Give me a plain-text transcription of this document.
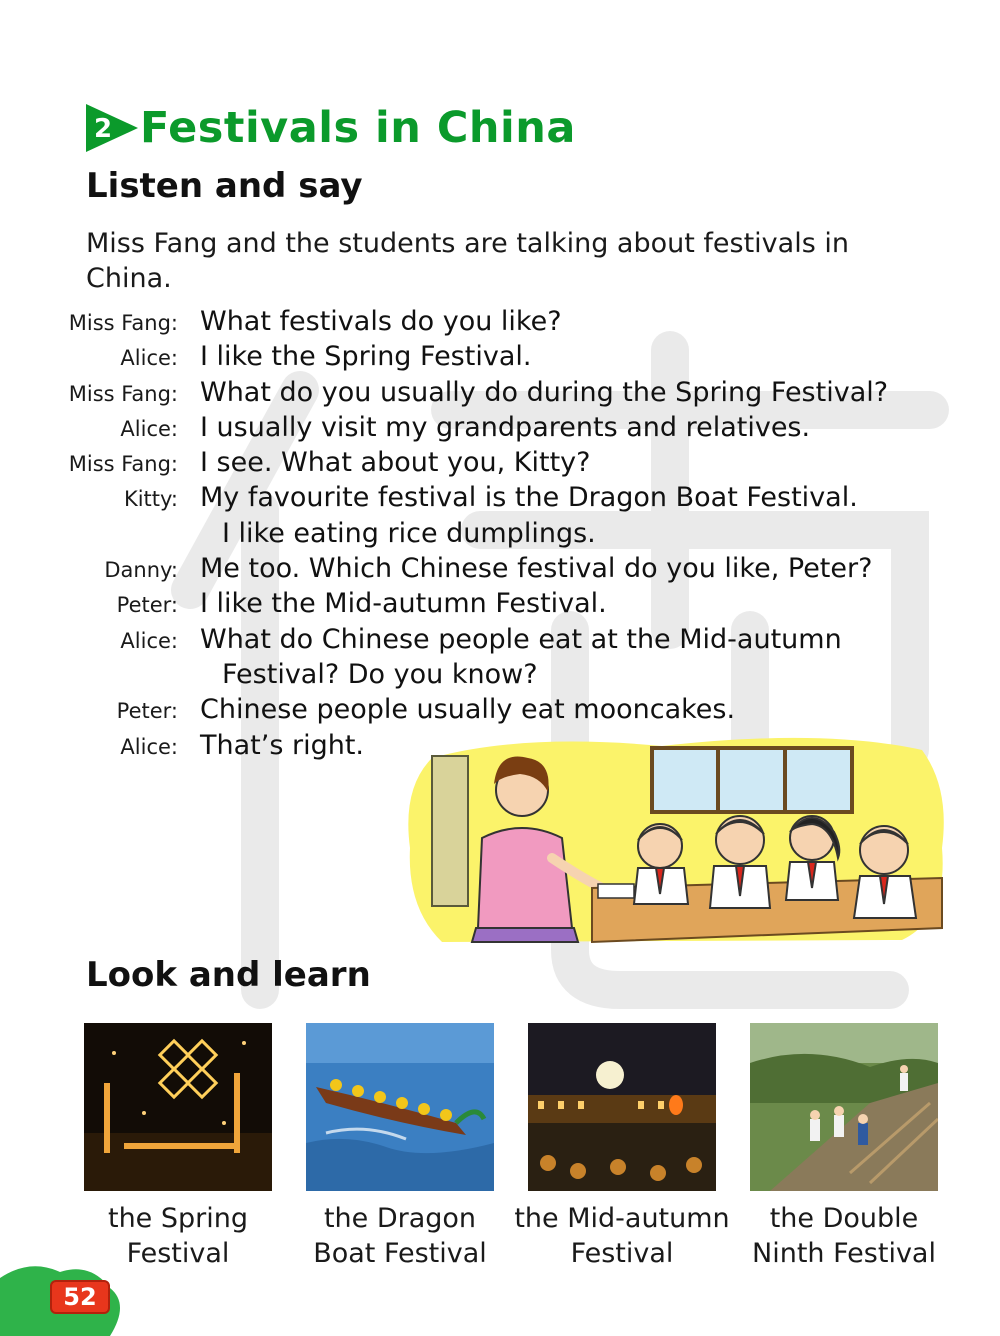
2 Festivals in China
Listen and say
Miss Fang and the students are talking about festivals in China.
Miss Fang: What festivals do you like?
Alice: I like the Spring Festival.
Miss Fang: What do you usually do during the Spring Festival?
Alice: I usually visit my grandparents and relatives.
Miss Fang: I see. What about you, Kitty?
Kitty: My favourite festival is the Dragon Boat Festival.
I like eating rice dumplings.
Danny: Me too. Which Chinese festival do you like, Peter?
Peter: I like the Mid-autumn Festival.
Alice: What do Chinese people eat at the Mid-autumn
Festival? Do you know?
Peter: Chinese people usually eat mooncakes.
Alice: That’s right.
Look and learn
the Spring
Festival
the Dragon
Boat Festival
the Mid-autumn
Festival
the Double
Ninth Festival
52
